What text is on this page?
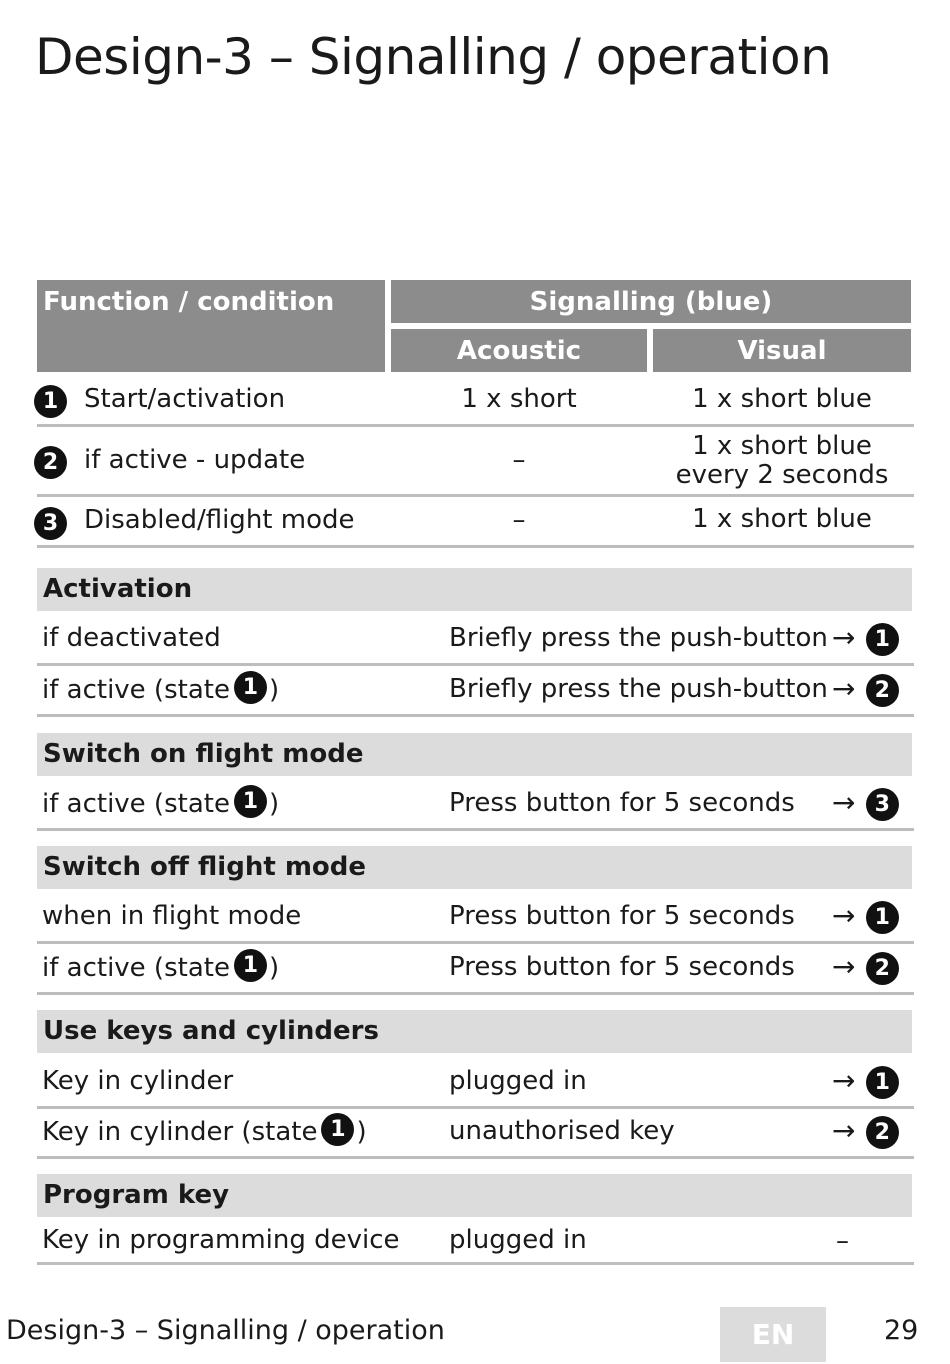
Design-3 – Signalling / operation
Function / condition	Signalling (blue)
Acoustic	Visual
1 Start/activation	1 x short	1 x short blue
2 if active - update	–	1 x short blue
every 2 seconds
3 Disabled/flight mode	–	1 x short blue
Activation
if deactivated	Briefly press the push-button → 1
if active (state 1 )	Briefly press the push-button → 2
Switch on flight mode
if active (state 1 )	Press button for 5 seconds → 3
Switch off flight mode
when in flight mode	Press button for 5 seconds → 1
if active (state 1 )	Press button for 5 seconds → 2
Use keys and cylinders
Key in cylinder	plugged in	→ 1
Key in cylinder (state 1 )	unauthorised key	→ 2
Program key
Key in programming device plugged in	–
Design-3 – Signalling / operation	EN	29
